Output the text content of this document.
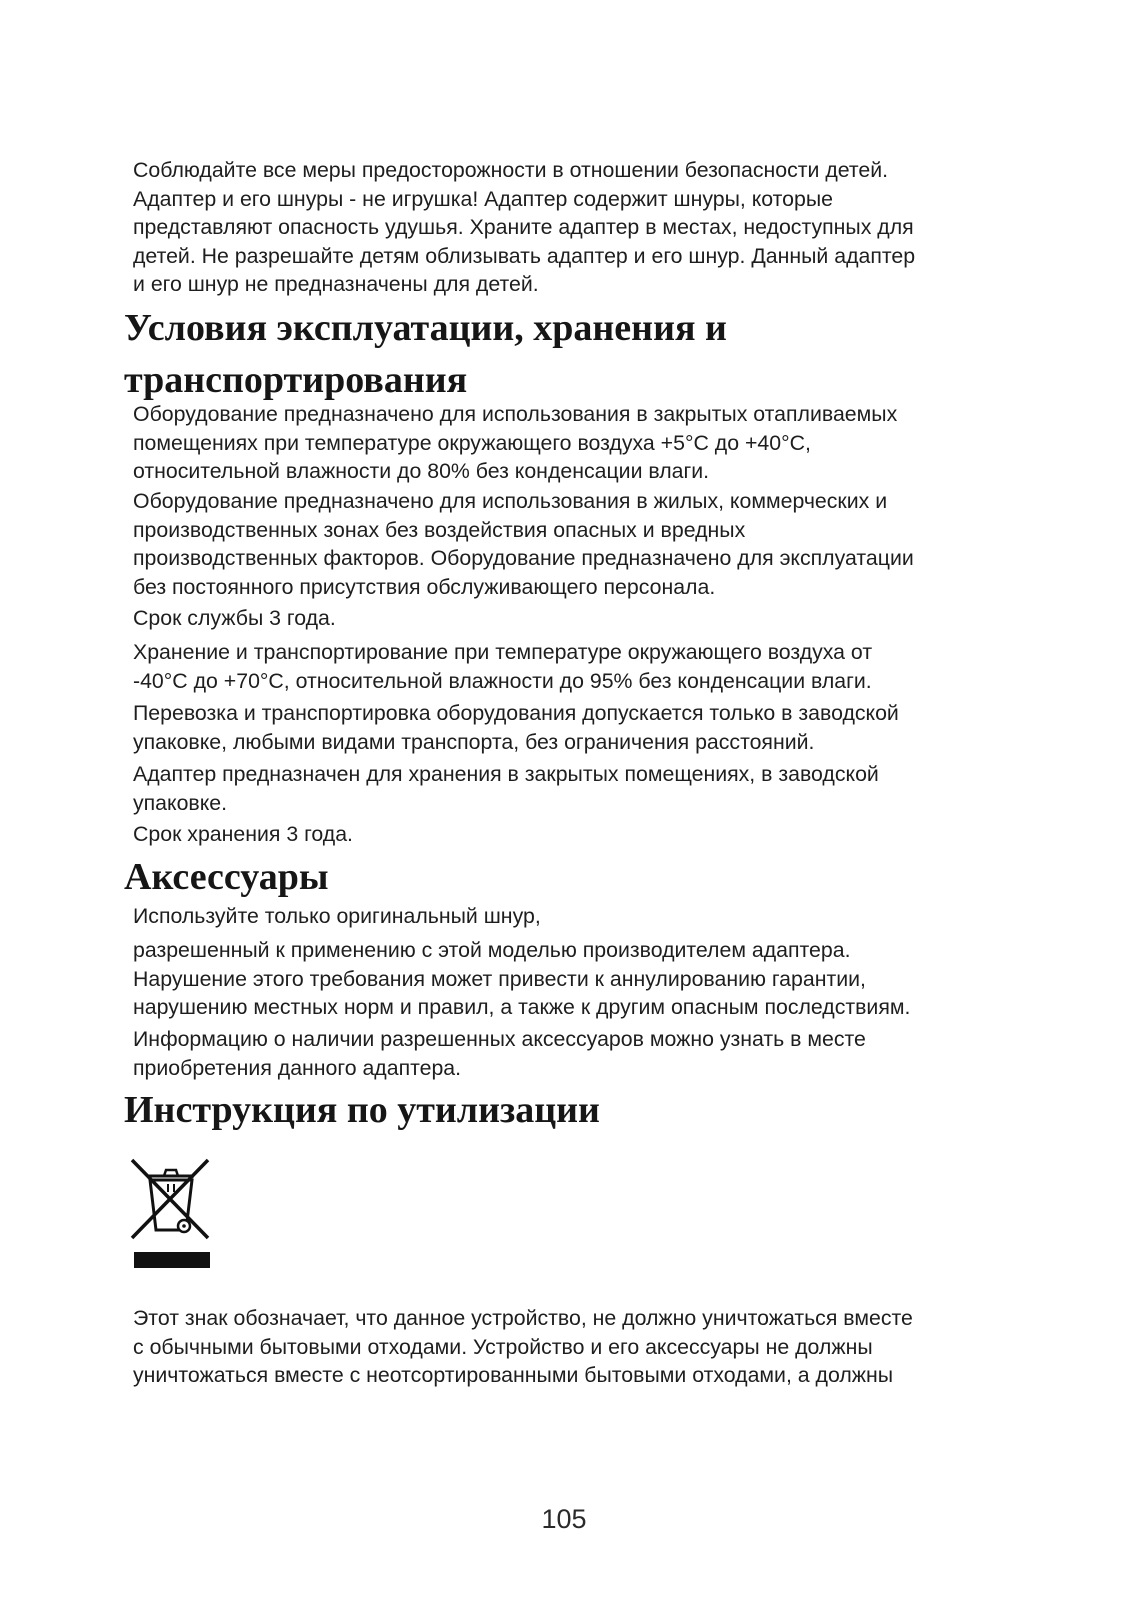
Соблюдайте все меры предосторожности в отношении безопасности детей.
Адаптер и его шнуры - не игрушка! Адаптер содержит шнуры, которые
представляют опасность удушья. Храните адаптер в местах, недоступных для
детей. Не разрешайте детям облизывать адаптер и его шнур. Данный адаптер
и его шнур не предназначены для детей.

Условия эксплуатации, хранения и
транспортирования

Оборудование предназначено для использования в закрытых отапливаемых
помещениях при температуре окружающего воздуха +5°C до +40°C,
относительной влажности до 80% без конденсации влаги.

Оборудование предназначено для использования в жилых, коммерческих и
производственных зонах без воздействия опасных и вредных
производственных факторов. Оборудование предназначено для эксплуатации
без постоянного присутствия обслуживающего персонала.

Срок службы 3 года.

Хранение и транспортирование при температуре окружающего воздуха от
-40°C до +70°C, относительной влажности до 95% без конденсации влаги.

Перевозка и транспортировка оборудования допускается только в заводской
упаковке, любыми видами транспорта, без ограничения расстояний.

Адаптер предназначен для хранения в закрытых помещениях, в заводской
упаковке.

Срок хранения 3 года.

Аксессуары

Используйте только оригинальный шнур,

разрешенный к применению с этой моделью производителем адаптера.
Нарушение этого требования может привести к аннулированию гарантии,
нарушению местных норм и правил, а также к другим опасным последствиям.

Информацию о наличии разрешенных аксессуаров можно узнать в месте
приобретения данного адаптера.

Инструкция по утилизации

Этот знак обозначает, что данное устройство, не должно уничтожаться вместе
с обычными бытовыми отходами. Устройство и его аксессуары не должны
уничтожаться вместе с неотсортированными бытовыми отходами, а должны

105
